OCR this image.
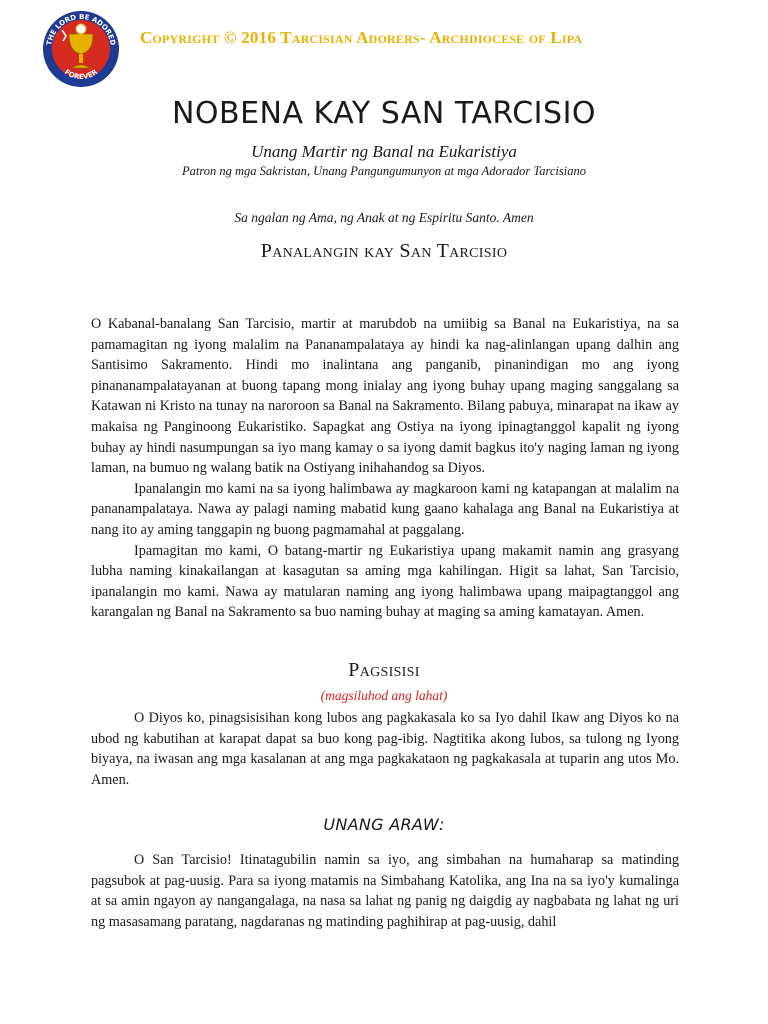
THE LORD BE ADORED
FOREVER
Copyright © 2016 Tarcisian Adorers- Archdiocese of Lipa
NOBENA KAY SAN TARCISIO
Unang Martir ng Banal na Eukaristiya
Patron ng mga Sakristan, Unang Pangungumunyon at mga Adorador Tarcisiano
Sa ngalan ng Ama, ng Anak at ng Espiritu Santo. Amen
Panalangin kay San Tarcisio

O Kabanal-banalang San Tarcisio, martir at marubdob na umiibig sa Banal na Eukaristiya, na sa pamamagitan ng iyong malalim na Pananampalataya ay hindi ka nag-alinlangan upang dalhin ang Santisimo Sakramento. Hindi mo inalintana ang panganib, pinanindigan mo ang iyong pinananampalatayanan at buong tapang mong inialay ang iyong buhay upang maging sanggalang sa Katawan ni Kristo na tunay na naroroon sa Banal na Sakramento. Bilang pabuya, minarapat na ikaw ay makaisa ng Panginoong Eukaristiko. Sapagkat ang Ostiya na iyong ipinagtanggol kapalit ng iyong buhay ay hindi nasumpungan sa iyo mang kamay o sa iyong damit bagkus ito'y naging laman ng iyong laman, na bumuo ng walang batik na Ostiyang inihahandog sa Diyos.

Ipanalangin mo kami na sa iyong halimbawa ay magkaroon kami ng katapangan at malalim na pananampalataya. Nawa ay palagi naming mabatid kung gaano kahalaga ang Banal na Eukaristiya at nang ito ay aming tanggapin ng buong pagmamahal at paggalang.

Ipamagitan mo kami, O batang-martir ng Eukaristiya upang makamit namin ang grasyang lubha naming kinakailangan at kasagutan sa aming mga kahilingan. Higit sa lahat, San Tarcisio, ipanalangin mo kami. Nawa ay matularan naming ang iyong halimbawa upang maipagtanggol ang karangalan ng Banal na Sakramento sa buo naming buhay at maging sa aming kamatayan. Amen.

Pagsisisi
(magsiluhod ang lahat)

O Diyos ko, pinagsisisihan kong lubos ang pagkakasala ko sa Iyo dahil Ikaw ang Diyos ko na ubod ng kabutihan at karapat dapat sa buo kong pag-ibig. Nagtitika akong lubos, sa tulong ng Iyong biyaya, na iwasan ang mga kasalanan at ang mga pagkakataon ng pagkakasala at tuparin ang utos Mo. Amen.

UNANG ARAW:

O San Tarcisio! Itinatagubilin namin sa iyo, ang simbahan na humaharap sa matinding pagsubok at pag-uusig. Para sa iyong matamis na Simbahang Katolika, ang Ina na sa iyo'y kumalinga at sa amin ngayon ay nangangalaga, na nasa sa lahat ng panig ng daigdig ay nagbabata ng lahat ng uri ng masasamang paratang, nagdaranas ng matinding paghihirap at pag-uusig, dahil
